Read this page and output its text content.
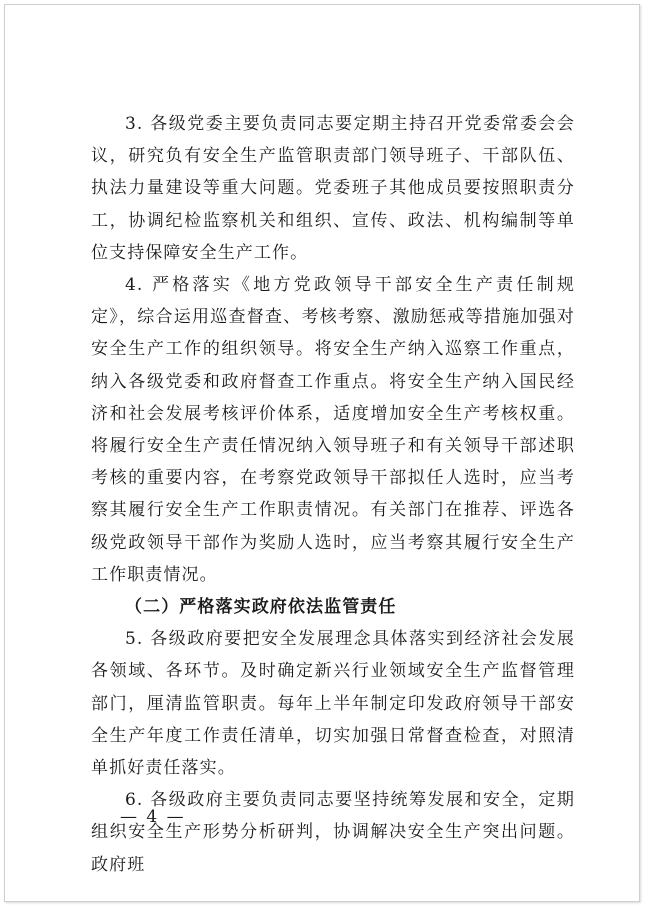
3. 各级党委主要负责同志要定期主持召开党委常委会会议，研究负有安全生产监管职责部门领导班子、干部队伍、执法力量建设等重大问题。党委班子其他成员要按照职责分工，协调纪检监察机关和组织、宣传、政法、机构编制等单位支持保障安全生产工作。

4. 严格落实《地方党政领导干部安全生产责任制规定》，综合运用巡查督查、考核考察、激励惩戒等措施加强对安全生产工作的组织领导。将安全生产纳入巡察工作重点，纳入各级党委和政府督查工作重点。将安全生产纳入国民经济和社会发展考核评价体系，适度增加安全生产考核权重。将履行安全生产责任情况纳入领导班子和有关领导干部述职考核的重要内容，在考察党政领导干部拟任人选时，应当考察其履行安全生产工作职责情况。有关部门在推荐、评选各级党政领导干部作为奖励人选时，应当考察其履行安全生产工作职责情况。

（二）严格落实政府依法监管责任

5. 各级政府要把安全发展理念具体落实到经济社会发展各领域、各环节。及时确定新兴行业领域安全生产监督管理部门，厘清监管职责。每年上半年制定印发政府领导干部安全生产年度工作责任清单，切实加强日常督查检查，对照清单抓好责任落实。

6. 各级政府主要负责同志要坚持统筹发展和安全，定期组织安全生产形势分析研判，协调解决安全生产突出问题。政府班

— 4 —
